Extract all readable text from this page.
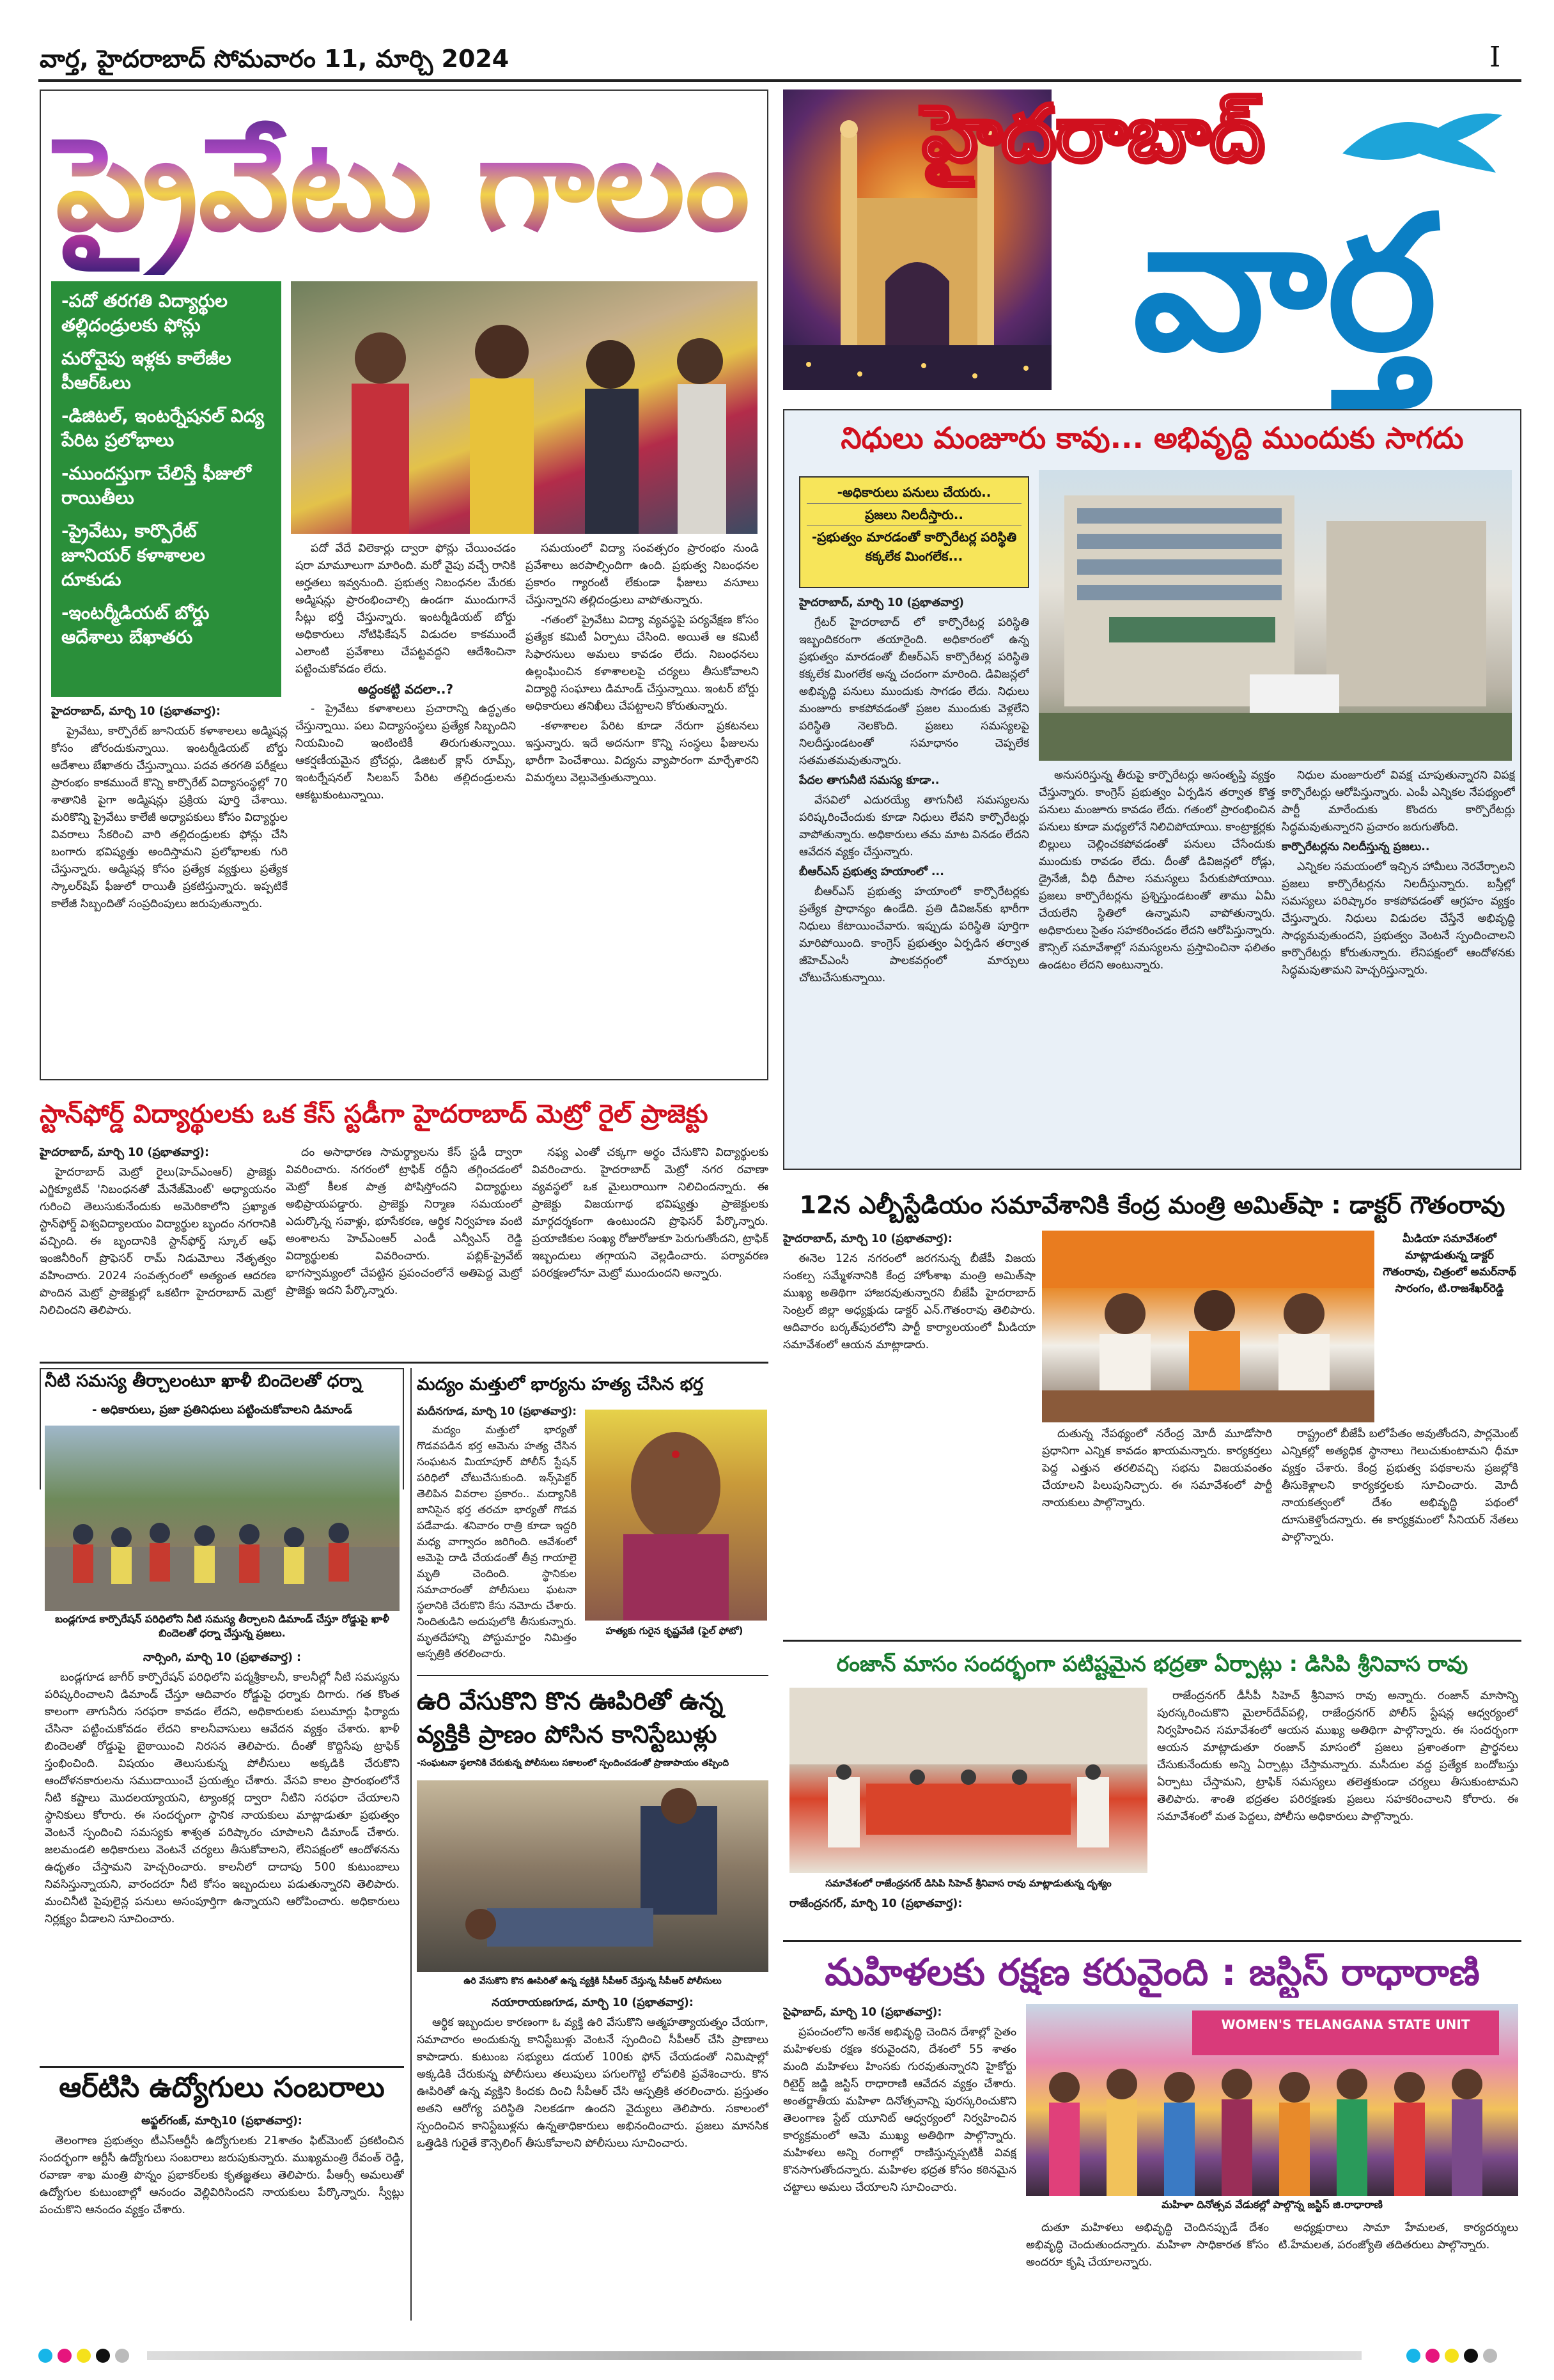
వార్త, హైదరాబాద్ సోమవారం 11, మార్చి 2024	I
ప్రైవేటు గాలం
-పదో తరగతి విద్యార్థుల తల్లిదండ్రులకు ఫోన్లు
మరోవైపు ఇళ్లకు కాలేజీల పీఆర్‌ఓలు
-డిజిటల్, ఇంటర్నేషనల్ విద్య పేరిట ప్రలోభాలు
-ముందస్తుగా చేలిస్తే ఫీజులో రాయితీలు
-ప్రైవేటు, కార్పొరేట్ జూనియర్ కళాశాలల దూకుడు
-ఇంటర్మీడియట్ బోర్డు ఆదేశాలు బేఖాతరు

హైదరాబాద్, మార్చి 10 (ప్రభాతవార్త):

ప్రైవేటు, కార్పొరేట్ జూనియర్ కళాశాలలు అడ్మిషన్ల కోసం జోరందుకున్నాయి. ఇంటర్మీడియట్ బోర్డు ఆదేశాలు బేఖాతరు చేస్తున్నాయి. పదవ తరగతి పరీక్షలు ప్రారంభం కాకముందే కొన్ని కార్పొరేట్ విద్యాసంస్థల్లో 70 శాతానికి పైగా అడ్మిషన్లు ప్రక్రియ పూర్తి చేశాయి. మరికొన్ని ప్రైవేటు కాలేజీ అధ్యాపకులు కోసం విద్యార్థుల వివరాలు సేకరించి వారి తల్లిదండ్రులకు ఫోన్లు చేసి బంగారు భవిష్యత్తు అందిస్తామని ప్రలోభాలకు గురి చేస్తున్నారు. అడ్మిషన్ల కోసం ప్రత్యేక వ్యక్తులు ప్రత్యేక స్కాలర్‌షిప్ ఫీజులో రాయితీ ప్రకటిస్తున్నారు. ఇప్పటికే కాలేజీ సిబ్బందితో సంప్రదింపులు జరుపుతున్నారు.

పదో వేదే విలెకార్లు ద్వారా ఫోన్లు చేయించడం షరా మామూలుగా మారింది. మరో వైపు వచ్చే రానికి అర్హతలు ఇవ్వనుంది. ప్రభుత్వ నిబంధనల మేరకు అడ్మిషన్లు ప్రారంభించాల్సి ఉండగా ముందుగానే సీట్లు భర్తీ చేస్తున్నారు. ఇంటర్మీడియట్ బోర్డు అధికారులు నోటిఫికేషన్ విడుదల కాకముందే ఎలాంటి ప్రవేశాలు చేపట్టవద్దని ఆదేశించినా పట్టించుకోవడం లేదు.

అద్దంకట్టి వదలా..?

- ప్రైవేటు కళాశాలలు ప్రచారాన్ని ఉద్ధృతం చేస్తున్నాయి. పలు విద్యాసంస్థలు ప్రత్యేక సిబ్బందిని నియమించి ఇంటింటికీ తిరుగుతున్నాయి. ఆకర్షణీయమైన బ్రోచర్లు, డిజిటల్ క్లాస్ రూమ్స్, ఇంటర్నేషనల్ సిలబస్ పేరిట తల్లిదండ్రులను ఆకట్టుకుంటున్నాయి.

సమయంలో విద్యా సంవత్సరం ప్రారంభం నుండి ప్రవేశాలు జరపాల్సిందిగా ఉంది. ప్రభుత్వ నిబంధనల ప్రకారం గ్యారంటీ లేకుండా ఫీజులు వసూలు చేస్తున్నారని తల్లిదండ్రులు వాపోతున్నారు.

-గతంలో ప్రైవేటు విద్యా వ్యవస్థపై పర్యవేక్షణ కోసం ప్రత్యేక కమిటీ ఏర్పాటు చేసింది. అయితే ఆ కమిటీ సిఫారసులు అమలు కావడం లేదు. నిబంధనలు ఉల్లంఘించిన కళాశాలలపై చర్యలు తీసుకోవాలని విద్యార్థి సంఘాలు డిమాండ్ చేస్తున్నాయి. ఇంటర్ బోర్డు అధికారులు తనిఖీలు చేపట్టాలని కోరుతున్నారు.

-కళాశాలల పేరిట కూడా నేరుగా ప్రకటనలు ఇస్తున్నారు. ఇదే అదనుగా కొన్ని సంస్థలు ఫీజులను భారీగా పెంచేశాయి. విద్యను వ్యాపారంగా మార్చేశారని విమర్శలు వెల్లువెత్తుతున్నాయి.

స్టాన్‌ఫోర్డ్ విద్యార్థులకు ఒక కేస్ స్టడీగా హైదరాబాద్ మెట్రో రైల్ ప్రాజెక్టు

హైదరాబాద్, మార్చి 10 (ప్రభాతవార్త):

హైదరాబాద్ మెట్రో రైలు(హెచ్ఎంఆర్) ప్రాజెక్టు ఎగ్జిక్యూటివ్ 'నిబంధనతో మేనేజ్‌మెంట్' అధ్యాయనం గురించి తెలుసుకునేందుకు అమెరికాలోని ప్రఖ్యాత స్టాన్‌ఫోర్డ్ విశ్వవిద్యాలయం విద్యార్థుల బృందం నగరానికి వచ్చింది. ఈ బృందానికి స్టాన్‌ఫోర్డ్ స్కూల్ ఆఫ్ ఇంజినీరింగ్ ప్రొఫెసర్ రామ్ నిడుమోలు నేతృత్వం వహించారు. 2024 సంవత్సరంలో అత్యంత ఆదరణ పొందిన మెట్రో ప్రాజెక్టుల్లో ఒకటిగా హైదరాబాద్ మెట్రో నిలిచిందని తెలిపారు.

దం అసాధారణ సామర్థ్యాలను కేస్ స్టడీ ద్వారా వివరించారు. నగరంలో ట్రాఫిక్ రద్దీని తగ్గించడంలో మెట్రో కీలక పాత్ర పోషిస్తోందని విద్యార్థులు అభిప్రాయపడ్డారు. ప్రాజెక్టు నిర్మాణ సమయంలో ఎదుర్కొన్న సవాళ్లు, భూసేకరణ, ఆర్థిక నిర్వహణ వంటి అంశాలను హెచ్ఎంఆర్ ఎండీ ఎన్వీఎస్ రెడ్డి విద్యార్థులకు వివరించారు. పబ్లిక్-ప్రైవేట్ భాగస్వామ్యంలో చేపట్టిన ప్రపంచంలోనే అతిపెద్ద మెట్రో ప్రాజెక్టు ఇదని పేర్కొన్నారు.

నఫ్య ఎంతో చక్కగా అర్థం చేసుకొని విద్యార్థులకు వివరించారు. హైదరాబాద్ మెట్రో నగర రవాణా వ్యవస్థలో ఒక మైలురాయిగా నిలిచిందన్నారు. ఈ ప్రాజెక్టు విజయగాథ భవిష్యత్తు ప్రాజెక్టులకు మార్గదర్శకంగా ఉంటుందని ప్రొఫెసర్ పేర్కొన్నారు. ప్రయాణికుల సంఖ్య రోజురోజుకూ పెరుగుతోందని, ట్రాఫిక్ ఇబ్బందులు తగ్గాయని వెల్లడించారు. పర్యావరణ పరిరక్షణలోనూ మెట్రో ముందుందని అన్నారు.

నీటి సమస్య తీర్చాలంటూ ఖాళీ బిందెలతో ధర్నా
- అధికారులు, ప్రజా ప్రతినిధులు పట్టించుకోవాలని డిమాండ్
బండ్లగూడ కార్పొరేషన్ పరిధిలోని నీటి సమస్య తీర్చాలని డిమాండ్ చేస్తూ రోడ్డుపై ఖాళీ బిందెలతో ధర్నా చేస్తున్న ప్రజలు.

నార్సింగి, మార్చి 10 (ప్రభాతవార్త) :

బండ్లగూడ జాగీర్ కార్పొరేషన్ పరిధిలోని పద్మశ్రీకాలనీ, కాలనీల్లో నీటి సమస్యను పరిష్కరించాలని డిమాండ్ చేస్తూ ఆదివారం రోడ్డుపై ధర్నాకు దిగారు. గత కొంత కాలంగా తాగునీరు సరఫరా కావడం లేదని, అధికారులకు పలుమార్లు ఫిర్యాదు చేసినా పట్టించుకోవడం లేదని కాలనీవాసులు ఆవేదన వ్యక్తం చేశారు. ఖాళీ బిందెలతో రోడ్డుపై బైఠాయించి నిరసన తెలిపారు. దీంతో కొద్దిసేపు ట్రాఫిక్ స్తంభించింది. విషయం తెలుసుకున్న పోలీసులు అక్కడికి చేరుకొని ఆందోళనకారులను సముదాయించే ప్రయత్నం చేశారు. వేసవి కాలం ప్రారంభంలోనే నీటి కష్టాలు మొదలయ్యాయని, ట్యాంకర్ల ద్వారా నీటిని సరఫరా చేయాలని స్థానికులు కోరారు. ఈ సందర్భంగా స్థానిక నాయకులు మాట్లాడుతూ ప్రభుత్వం వెంటనే స్పందించి సమస్యకు శాశ్వత పరిష్కారం చూపాలని డిమాండ్ చేశారు. జలమండలి అధికారులు వెంటనే చర్యలు తీసుకోవాలని, లేనిపక్షంలో ఆందోళనను ఉధృతం చేస్తామని హెచ్చరించారు. కాలనీలో దాదాపు 500 కుటుంబాలు నివసిస్తున్నాయని, వారందరూ నీటి కోసం ఇబ్బందులు పడుతున్నారని తెలిపారు. మంచినీటి పైపులైన్ల పనులు అసంపూర్తిగా ఉన్నాయని ఆరోపించారు. అధికారులు నిర్లక్ష్యం వీడాలని సూచించారు.

ఆర్‌టిసి ఉద్యోగులు సంబరాలు

అఫ్జల్‌గంజ్, మార్చి10 (ప్రభాతవార్త):

తెలంగాణ ప్రభుత్వం టీఎస్ఆర్టీసీ ఉద్యోగులకు 21శాతం ఫిట్‌మెంట్ ప్రకటించిన సందర్భంగా ఆర్టీసీ ఉద్యోగులు సంబరాలు జరుపుకున్నారు. ముఖ్యమంత్రి రేవంత్ రెడ్డి, రవాణా శాఖ మంత్రి పొన్నం ప్రభాకర్‌లకు కృతజ్ఞతలు తెలిపారు. పీఆర్సీ అమలుతో ఉద్యోగుల కుటుంబాల్లో ఆనందం వెల్లివిరిసిందని నాయకులు పేర్కొన్నారు. స్వీట్లు పంచుకొని ఆనందం వ్యక్తం చేశారు.

మద్యం మత్తులో భార్యను హత్య చేసిన భర్త

మదీనగూడ, మార్చి 10 (ప్రభాతవార్త):

మద్యం మత్తులో భార్యతో గొడవపడిన భర్త ఆమెను హత్య చేసిన సంఘటన మియాపూర్ పోలీస్ స్టేషన్ పరిధిలో చోటుచేసుకుంది. ఇన్స్‌పెక్టర్ తెలిపిన వివరాల ప్రకారం.. మద్యానికి బానిసైన భర్త తరచూ భార్యతో గొడవ పడేవాడు. శనివారం రాత్రి కూడా ఇద్దరి మధ్య వాగ్వాదం జరిగింది. ఆవేశంలో ఆమెపై దాడి చేయడంతో తీవ్ర గాయాలై మృతి చెందింది. స్థానికుల సమాచారంతో పోలీసులు ఘటనా స్థలానికి చేరుకొని కేసు నమోదు చేశారు. నిందితుడిని అదుపులోకి తీసుకున్నారు. మృతదేహాన్ని పోస్టుమార్టం నిమిత్తం ఆస్పత్రికి తరలించారు.

హత్యకు గురైన కృష్ణవేణి (ఫైల్ ఫోటో)
ఉరి వేసుకొని కొన ఊపిరితో ఉన్న వ్యక్తికి ప్రాణం పోసిన కానిస్టేబుళ్లు
-సంఘటనా స్థలానికి చేరుకున్న పోలీసులు సకాలంలో స్పందించడంతో ప్రాణాపాయం తప్పింది
ఉరి వేసుకొని కొన ఊపిరితో ఉన్న వ్యక్తికి సీపీఆర్ చేస్తున్న సీపీఆర్ పోలీసులు

నయారాయణగూడ, మార్చి 10 (ప్రభాతవార్త):

ఆర్థిక ఇబ్బందుల కారణంగా ఓ వ్యక్తి ఉరి వేసుకొని ఆత్మహత్యాయత్నం చేయగా, సమాచారం అందుకున్న కానిస్టేబుళ్లు వెంటనే స్పందించి సీపీఆర్ చేసి ప్రాణాలు కాపాడారు. కుటుంబ సభ్యులు డయల్ 100కు ఫోన్ చేయడంతో నిమిషాల్లో అక్కడికి చేరుకున్న పోలీసులు తలుపులు పగులగొట్టి లోపలికి ప్రవేశించారు. కొన ఊపిరితో ఉన్న వ్యక్తిని కిందకు దించి సీపీఆర్ చేసి ఆస్పత్రికి తరలించారు. ప్రస్తుతం అతని ఆరోగ్య పరిస్థితి నిలకడగా ఉందని వైద్యులు తెలిపారు. సకాలంలో స్పందించిన కానిస్టేబుళ్లను ఉన్నతాధికారులు అభినందించారు. ప్రజలు మానసిక ఒత్తిడికి గురైతే కౌన్సెలింగ్ తీసుకోవాలని పోలీసులు సూచించారు.

హైదరాబాద్
వార్త
నిధులు మంజూరు కావు... అభివృద్ధి ముందుకు సాగదు
-అధికారులు పనులు చేయరు..
ప్రజలు నిలదీస్తారు..
-ప్రభుత్వం మారడంతో కార్పొరేటర్ల పరిస్థితి కక్కలేక మింగలేక...

హైదరాబాద్, మార్చి 10 (ప్రభాతవార్త)

గ్రేటర్ హైదరాబాద్ లో కార్పొరేటర్ల పరిస్థితి ఇబ్బందికరంగా తయారైంది. అధికారంలో ఉన్న ప్రభుత్వం మారడంతో బీఆర్ఎస్ కార్పొరేటర్ల పరిస్థితి కక్కలేక మింగలేక అన్న చందంగా మారింది. డివిజన్లలో అభివృద్ధి పనులు ముందుకు సాగడం లేదు. నిధులు మంజూరు కాకపోవడంతో ప్రజల ముందుకు వెళ్లలేని పరిస్థితి నెలకొంది. ప్రజలు సమస్యలపై నిలదీస్తుండటంతో సమాధానం చెప్పలేక సతమతమవుతున్నారు.

పేదల తాగునీటి సమస్య కూడా..

వేసవిలో ఎదురయ్యే తాగునీటి సమస్యలను పరిష్కరించేందుకు కూడా నిధులు లేవని కార్పొరేటర్లు వాపోతున్నారు. అధికారులు తమ మాట వినడం లేదని ఆవేదన వ్యక్తం చేస్తున్నారు.

బీఆర్ఎస్ ప్రభుత్వ హయాంలో ...

బీఆర్ఎస్ ప్రభుత్వ హయాంలో కార్పొరేటర్లకు ప్రత్యేక ప్రాధాన్యం ఉండేది. ప్రతి డివిజన్‌కు భారీగా నిధులు కేటాయించేవారు. ఇప్పుడు పరిస్థితి పూర్తిగా మారిపోయింది. కాంగ్రెస్ ప్రభుత్వం ఏర్పడిన తర్వాత జీహెచ్ఎంసీ పాలకవర్గంలో మార్పులు చోటుచేసుకున్నాయి.

అనుసరిస్తున్న తీరుపై కార్పొరేటర్లు అసంతృప్తి వ్యక్తం చేస్తున్నారు. కాంగ్రెస్ ప్రభుత్వం ఏర్పడిన తర్వాత కొత్త పనులు మంజూరు కావడం లేదు. గతంలో ప్రారంభించిన పనులు కూడా మధ్యలోనే నిలిచిపోయాయి. కాంట్రాక్టర్లకు బిల్లులు చెల్లించకపోవడంతో పనులు చేసేందుకు ముందుకు రావడం లేదు. దీంతో డివిజన్లలో రోడ్లు, డ్రైనేజీ, వీధి దీపాల సమస్యలు పేరుకుపోయాయి. ప్రజలు కార్పొరేటర్లను ప్రశ్నిస్తుండటంతో తాము ఏమీ చేయలేని స్థితిలో ఉన్నామని వాపోతున్నారు. అధికారులు సైతం సహకరించడం లేదని ఆరోపిస్తున్నారు. కౌన్సిల్ సమావేశాల్లో సమస్యలను ప్రస్తావించినా ఫలితం ఉండటం లేదని అంటున్నారు.

నిధుల మంజూరులో వివక్ష చూపుతున్నారని విపక్ష కార్పొరేటర్లు ఆరోపిస్తున్నారు. ఎంపీ ఎన్నికల నేపథ్యంలో పార్టీ మారేందుకు కొందరు కార్పొరేటర్లు సిద్ధమవుతున్నారని ప్రచారం జరుగుతోంది.

కార్పొరేటర్లను నిలదీస్తున్న ప్రజలు..

ఎన్నికల సమయంలో ఇచ్చిన హామీలు నెరవేర్చాలని ప్రజలు కార్పొరేటర్లను నిలదీస్తున్నారు. బస్తీల్లో సమస్యలు పరిష్కారం కాకపోవడంతో ఆగ్రహం వ్యక్తం చేస్తున్నారు. నిధులు విడుదల చేస్తేనే అభివృద్ధి సాధ్యమవుతుందని, ప్రభుత్వం వెంటనే స్పందించాలని కార్పొరేటర్లు కోరుతున్నారు. లేనిపక్షంలో ఆందోళనకు సిద్ధమవుతామని హెచ్చరిస్తున్నారు.

12న ఎల్బీస్టేడియం సమావేశానికి కేంద్ర మంత్రి అమిత్‌షా : డాక్టర్ గౌతంరావు

హైదరాబాద్, మార్చి 10 (ప్రభాతవార్త):

ఈనెల 12న నగరంలో జరగనున్న బీజేపీ విజయ సంకల్ప సమ్మేళనానికి కేంద్ర హోంశాఖ మంత్రి అమిత్‌షా ముఖ్య అతిథిగా హాజరవుతున్నారని బీజేపీ హైదరాబాద్ సెంట్రల్ జిల్లా అధ్యక్షుడు డాక్టర్ ఎన్.గౌతంరావు తెలిపారు. ఆదివారం బర్కత్‌పురలోని పార్టీ కార్యాలయంలో మీడియా సమావేశంలో ఆయన మాట్లాడారు.

మీడియా సమావేశంలో మాట్లాడుతున్న డాక్టర్ గౌతంరావు, చిత్రంలో అమర్‌నాథ్ సారంగం, టి.రాజశేఖర్‌రెడ్డి

దుతున్న నేపథ్యంలో నరేంద్ర మోదీ మూడోసారి ప్రధానిగా ఎన్నిక కావడం ఖాయమన్నారు. కార్యకర్తలు పెద్ద ఎత్తున తరలివచ్చి సభను విజయవంతం చేయాలని పిలుపునిచ్చారు. ఈ సమావేశంలో పార్టీ నాయకులు పాల్గొన్నారు.

రాష్ట్రంలో బీజేపీ బలోపేతం అవుతోందని, పార్లమెంట్ ఎన్నికల్లో అత్యధిక స్థానాలు గెలుచుకుంటామని ధీమా వ్యక్తం చేశారు. కేంద్ర ప్రభుత్వ పథకాలను ప్రజల్లోకి తీసుకెళ్లాలని కార్యకర్తలకు సూచించారు. మోదీ నాయకత్వంలో దేశం అభివృద్ధి పథంలో దూసుకెళ్తోందన్నారు. ఈ కార్యక్రమంలో సీనియర్ నేతలు పాల్గొన్నారు.

రంజాన్ మాసం సందర్భంగా పటిష్టమైన భద్రతా ఏర్పాట్లు : డిసిపి శ్రీనివాస రావు
సమావేశంలో రాజేంద్రనగర్ డిసిపి సిహెచ్ శ్రీనివాస రావు మాట్లాడుతున్న దృశ్యం

రాజేంద్రనగర్, మార్చి 10 (ప్రభాతవార్త):

రాజేంద్రనగర్ డీసీపీ సిహెచ్ శ్రీనివాస రావు అన్నారు. రంజాన్ మాసాన్ని పురస్కరించుకొని మైలార్‌దేవ్‌పల్లి, రాజేంద్రనగర్ పోలీస్ స్టేషన్ల ఆధ్వర్యంలో నిర్వహించిన సమావేశంలో ఆయన ముఖ్య అతిథిగా పాల్గొన్నారు. ఈ సందర్భంగా ఆయన మాట్లాడుతూ రంజాన్ మాసంలో ప్రజలు ప్రశాంతంగా ప్రార్థనలు చేసుకునేందుకు అన్ని ఏర్పాట్లు చేస్తామన్నారు. మసీదుల వద్ద ప్రత్యేక బందోబస్తు ఏర్పాటు చేస్తామని, ట్రాఫిక్ సమస్యలు తలెత్తకుండా చర్యలు తీసుకుంటామని తెలిపారు. శాంతి భద్రతల పరిరక్షణకు ప్రజలు సహకరించాలని కోరారు. ఈ సమావేశంలో మత పెద్దలు, పోలీసు అధికారులు పాల్గొన్నారు.

మహిళలకు రక్షణ కరువైంది : జస్టిస్ రాధారాణి

సైఫాబాద్, మార్చి 10 (ప్రభాతవార్త):

ప్రపంచంలోని అనేక అభివృద్ధి చెందిన దేశాల్లో సైతం మహిళలకు రక్షణ కరువైందని, దేశంలో 55 శాతం మంది మహిళలు హింసకు గురవుతున్నారని హైకోర్టు రిటైర్డ్ జడ్జి జస్టిస్ రాధారాణి ఆవేదన వ్యక్తం చేశారు. అంతర్జాతీయ మహిళా దినోత్సవాన్ని పురస్కరించుకొని తెలంగాణ స్టేట్ యూనిట్ ఆధ్వర్యంలో నిర్వహించిన కార్యక్రమంలో ఆమె ముఖ్య అతిథిగా పాల్గొన్నారు. మహిళలు అన్ని రంగాల్లో రాణిస్తున్నప్పటికీ వివక్ష కొనసాగుతోందన్నారు. మహిళల భద్రత కోసం కఠినమైన చట్టాలు అమలు చేయాలని సూచించారు.

WOMEN'S TELANGANA STATE UNIT
మహిళా దినోత్సవ వేడుకల్లో పాల్గొన్న జస్టిస్ జి.రాధారాణి

దుతూ మహిళలు అభివృద్ధి చెందినప్పుడే దేశం అభివృద్ధి చెందుతుందన్నారు. మహిళా సాధికారత కోసం అందరూ కృషి చేయాలన్నారు.

అధ్యక్షురాలు సామా హేమలత, కార్యదర్శులు టి.హేమలత, పరంజ్యోతి తదితరులు పాల్గొన్నారు.
